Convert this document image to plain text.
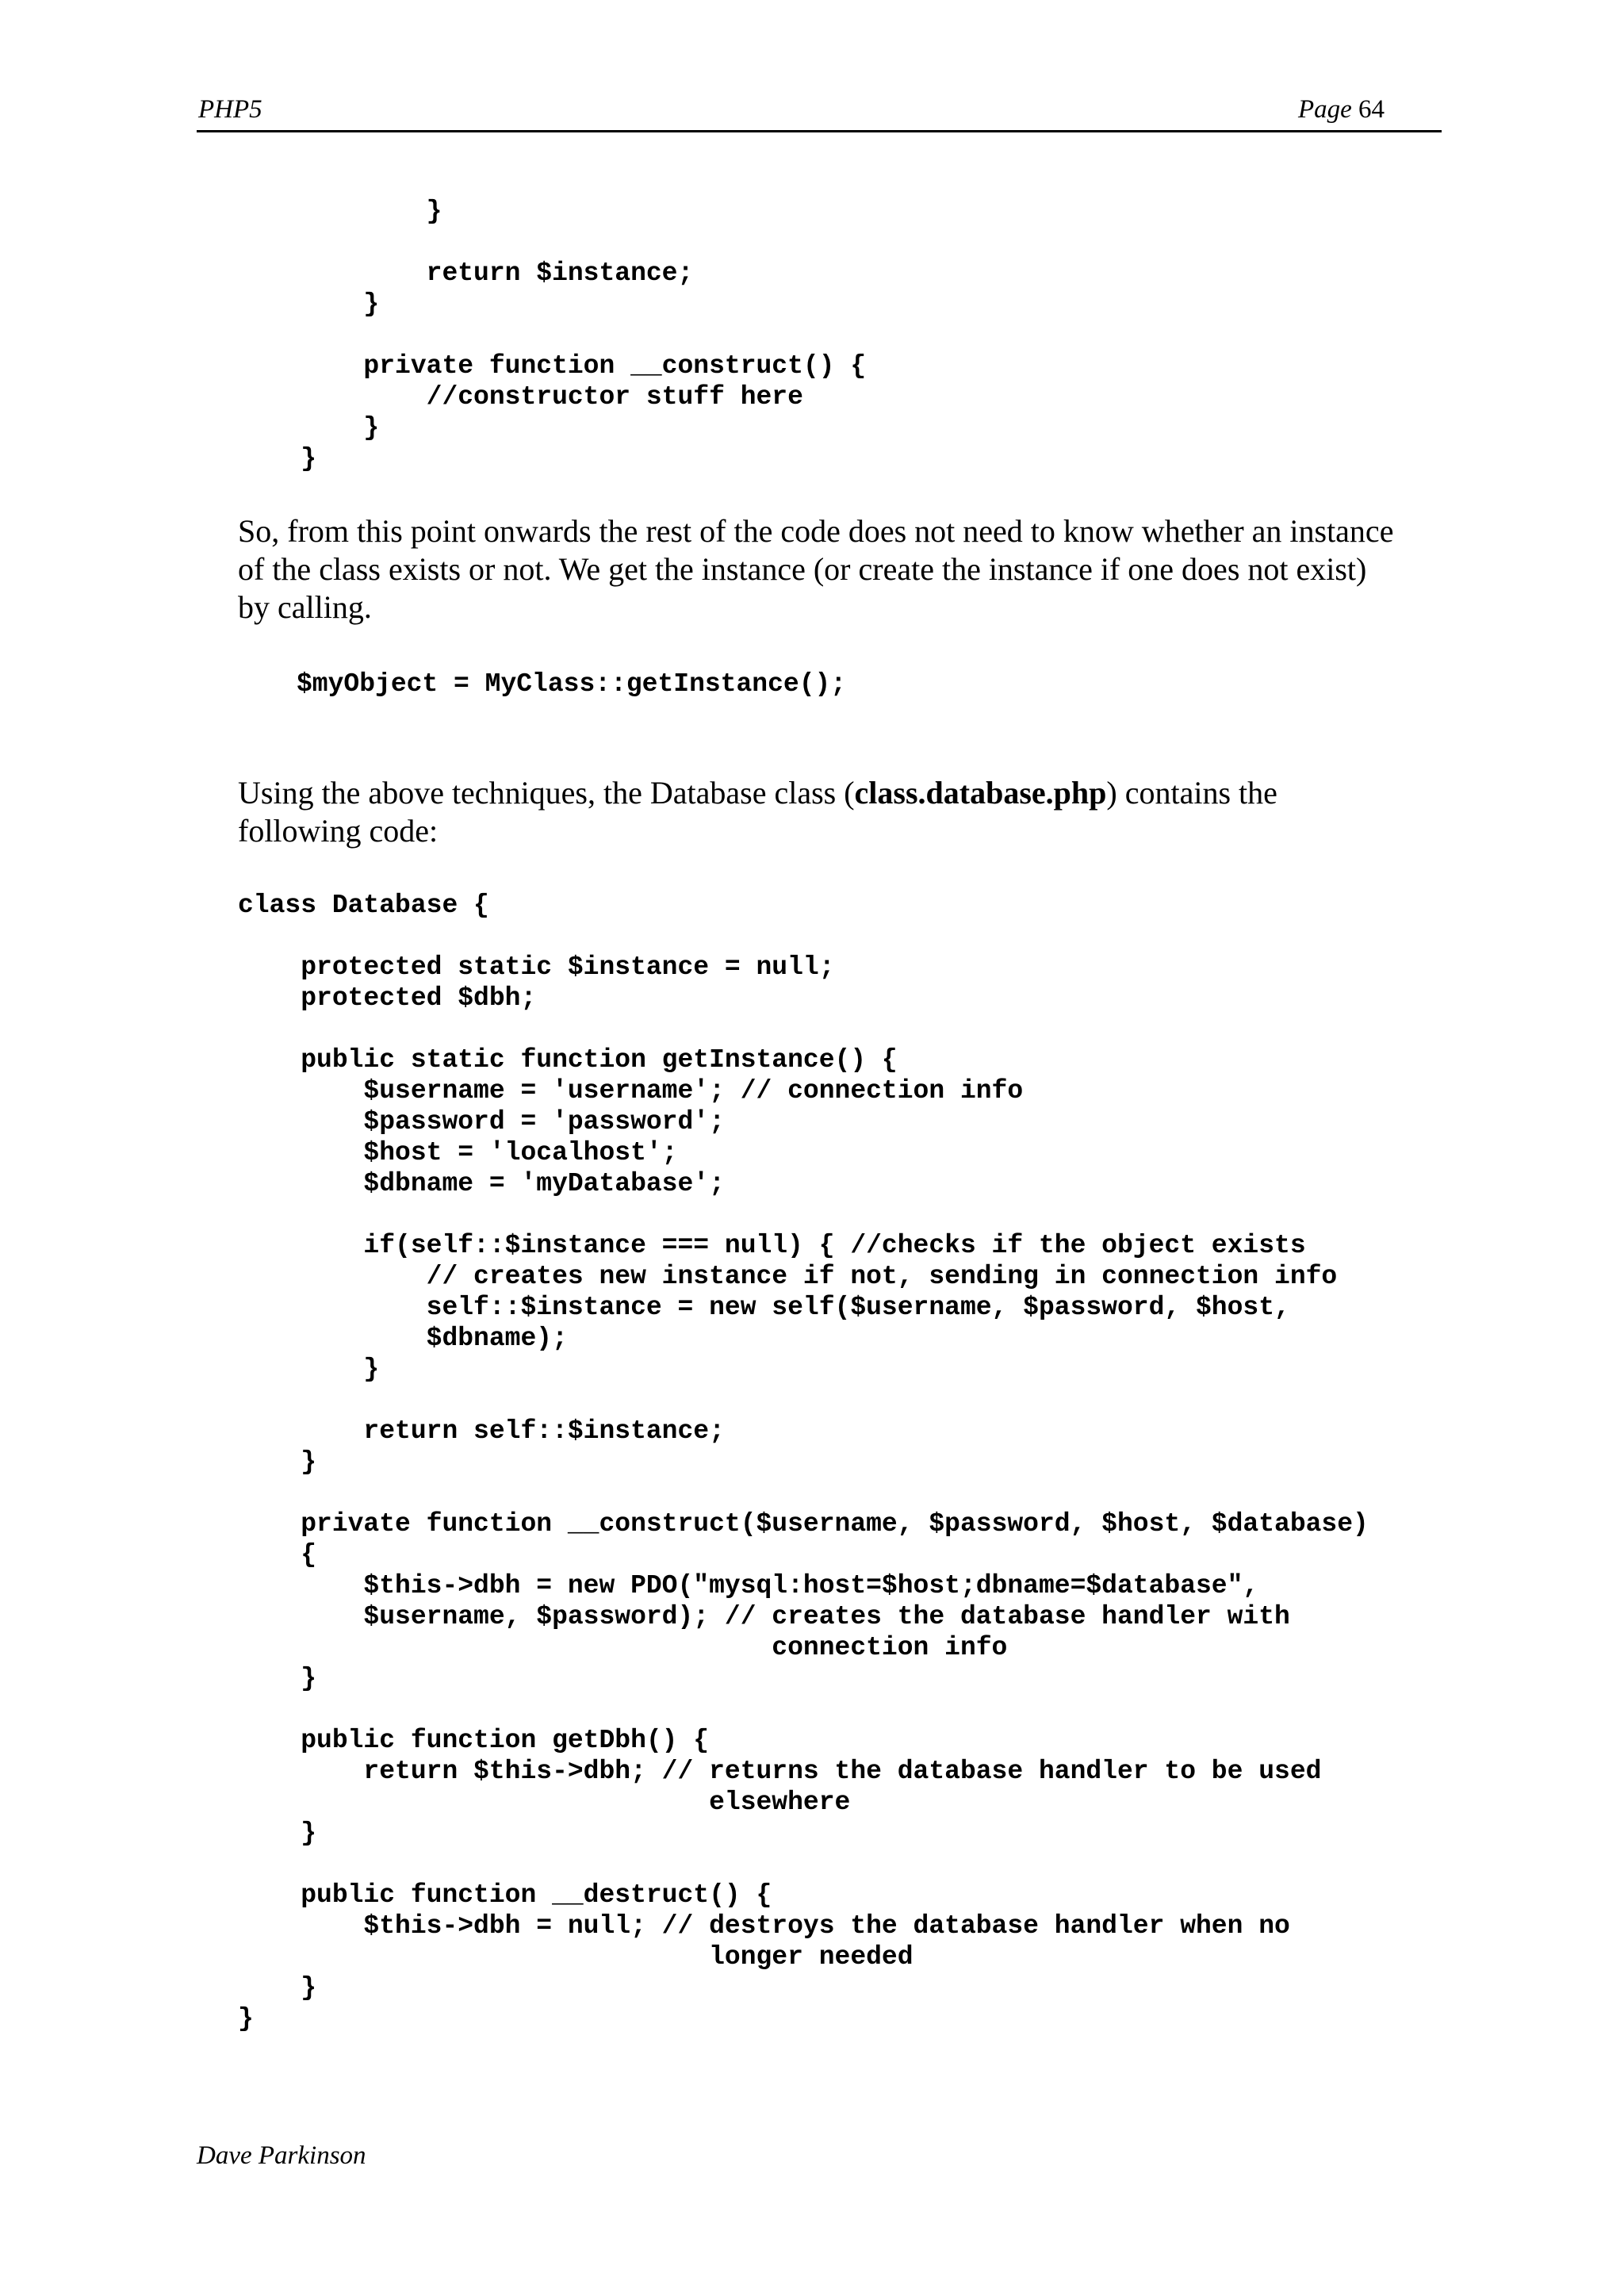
PHP5	Page 64
}
return $instance;
}
private function __construct() {
//constructor stuff here
}
}
So, from this point onwards the rest of the code does not need to know whether an instance of the class exists or not. We get the instance (or create the instance if one does not exist) by calling.
$myObject = MyClass::getInstance();
Using the above techniques, the Database class (class.database.php) contains the following code:
class Database {
protected static $instance = null;
protected $dbh;
public static function getInstance() {
$username = 'username'; // connection info
$password = 'password';
$host = 'localhost';
$dbname = 'myDatabase';
if(self::$instance === null) { //checks if the object exists
// creates new instance if not, sending in connection info
self::$instance = new self($username, $password, $host,
$dbname);
}
return self::$instance;
}
private function __construct($username, $password, $host, $database)
{
$this->dbh = new PDO("mysql:host=$host;dbname=$database",
$username, $password); // creates the database handler with
connection info
}
public function getDbh() {
return $this->dbh; // returns the database handler to be used
elsewhere
}
public function __destruct() {
$this->dbh = null; // destroys the database handler when no
longer needed
}
}
Dave Parkinson
